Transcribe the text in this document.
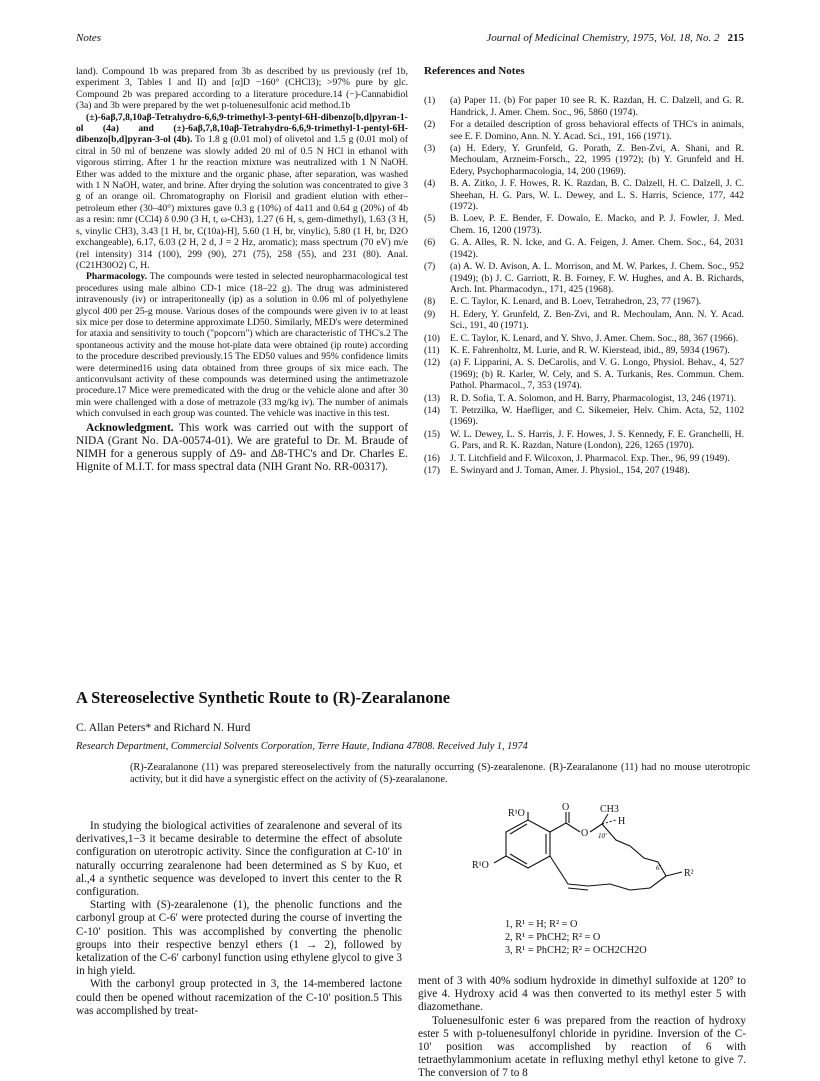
Notes	Journal of Medicinal Chemistry, 1975, Vol. 18, No. 2 215

land). Compound 1b was prepared from 3b as described by us previously (ref 1b, experiment 3, Tables I and II) and [α]D −160° (CHCl3); >97% pure by glc. Compound 2b was prepared according to a literature procedure.14 (−)-Cannabidiol (3a) and 3b were prepared by the wet p-toluenesulfonic acid method.1b

(±)-6aβ,7,8,10aβ-Tetrahydro-6,6,9-trimethyl-3-pentyl-6H-dibenzo[b,d]pyran-1-ol (4a) and (±)-6aβ,7,8,10aβ-Tetrahydro-6,6,9-trimethyl-1-pentyl-6H-dibenzo[b,d]pyran-3-ol (4b). To 1.8 g (0.01 mol) of olivetol and 1.5 g (0.01 mol) of citral in 50 ml of benzene was slowly added 20 ml of 0.5 N HCl in ethanol with vigorous stirring. After 1 hr the reaction mixture was neutralized with 1 N NaOH. Ether was added to the mixture and the organic phase, after separation, was washed with 1 N NaOH, water, and brine. After drying the solution was concentrated to give 3 g of an orange oil. Chromatography on Florisil and gradient elution with ether–petroleum ether (30–40°) mixtures gave 0.3 g (10%) of 4a11 and 0.64 g (20%) of 4b as a resin: nmr (CCl4) δ 0.90 (3 H, t, ω-CH3), 1.27 (6 H, s, gem-dimethyl), 1.63 (3 H, s, vinylic CH3), 3.43 [1 H, br, C(10a)-H], 5.60 (1 H, br, vinylic), 5.80 (1 H, br, D2O exchangeable), 6.17, 6.03 (2 H, 2 d, J = 2 Hz, aromatic); mass spectrum (70 eV) m/e (rel intensity) 314 (100), 299 (90), 271 (75), 258 (55), and 231 (80). Anal. (C21H30O2) C, H.

Pharmacology. The compounds were tested in selected neuropharmacological test procedures using male albino CD-1 mice (18–22 g). The drug was administered intravenously (iv) or intraperitoneally (ip) as a solution in 0.06 ml of polyethylene glycol 400 per 25-g mouse. Various doses of the compounds were given iv to at least six mice per dose to determine approximate LD50. Similarly, MED's were determined for ataxia and sensitivity to touch ("popcorn") which are characteristic of THC's.2 The spontaneous activity and the mouse hot-plate data were obtained (ip route) according to the procedure described previously.15 The ED50 values and 95% confidence limits were determined16 using data obtained from three groups of six mice each. The anticonvulsant activity of these compounds was determined using the antimetrazole procedure.17 Mice were premedicated with the drug or the vehicle alone and after 30 min were challenged with a dose of metrazole (33 mg/kg iv). The number of animals which convulsed in each group was counted. The vehicle was inactive in this test.

Acknowledgment. This work was carried out with the support of NIDA (Grant No. DA-00574-01). We are grateful to Dr. M. Braude of NIMH for a generous supply of Δ9- and Δ8-THC's and Dr. Charles E. Hignite of M.I.T. for mass spectral data (NIH Grant No. RR-00317).

References and Notes
(1)	(a) Paper 11. (b) For paper 10 see R. K. Razdan, H. C. Dalzell, and G. R. Handrick, J. Amer. Chem. Soc., 96, 5860 (1974).
(2)	For a detailed description of gross behavioral effects of THC's in animals, see E. F. Domino, Ann. N. Y. Acad. Sci., 191, 166 (1971).
(3)	(a) H. Edery, Y. Grunfeld, G. Porath, Z. Ben-Zvi, A. Shani, and R. Mechoulam, Arzneim-Forsch., 22, 1995 (1972); (b) Y. Grunfeld and H. Edery, Psychopharmacologia, 14, 200 (1969).
(4)	B. A. Zitko, J. F. Howes, R. K. Razdan, B. C. Dalzell, H. C. Dalzell, J. C. Sheehan, H. G. Pars, W. L. Dewey, and L. S. Harris, Science, 177, 442 (1972).
(5)	B. Loev, P. E. Bender, F. Dowalo, E. Macko, and P. J. Fowler, J. Med. Chem. 16, 1200 (1973).
(6)	G. A. Alles, R. N. Icke, and G. A. Feigen, J. Amer. Chem. Soc., 64, 2031 (1942).
(7)	(a) A. W. D. Avison, A. L. Morrison, and M. W. Parkes, J. Chem. Soc., 952 (1949); (b) J. C. Garriott, R. B. Forney, F. W. Hughes, and A. B. Richards, Arch. Int. Pharmacodyn., 171, 425 (1968).
(8)	E. C. Taylor, K. Lenard, and B. Loev, Tetrahedron, 23, 77 (1967).
(9)	H. Edery, Y. Grunfeld, Z. Ben-Zvi, and R. Mechoulam, Ann. N. Y. Acad. Sci., 191, 40 (1971).
(10)	E. C. Taylor, K. Lenard, and Y. Shvo, J. Amer. Chem. Soc., 88, 367 (1966).
(11)	K. E. Fahrenholtz, M. Lurie, and R. W. Kierstead, ibid., 89, 5934 (1967).
(12)	(a) F. Lipparini, A. S. DeCarolis, and V. G. Longo, Physiol. Behav., 4, 527 (1969); (b) R. Karler, W. Cely, and S. A. Turkanis, Res. Commun. Chem. Pathol. Pharmacol., 7, 353 (1974).
(13)	R. D. Sofia, T. A. Solomon, and H. Barry, Pharmacologist, 13, 246 (1971).
(14)	T. Petrzilka, W. Haefliger, and C. Sikemeier, Helv. Chim. Acta, 52, 1102 (1969).
(15)	W. L. Dewey, L. S. Harris, J. F. Howes, J. S. Kennedy, F. E. Granchelli, H. G. Pars, and R. K. Razdan, Nature (London), 226, 1265 (1970).
(16)	J. T. Litchfield and F. Wilcoxon, J. Pharmacol. Exp. Ther., 96, 99 (1949).
(17)	E. Swinyard and J. Toman, Amer. J. Physiol., 154, 207 (1948).
A Stereoselective Synthetic Route to (R)-Zearalanone
C. Allan Peters* and Richard N. Hurd
Research Department, Commercial Solvents Corporation, Terre Haute, Indiana 47808. Received July 1, 1974
(R)-Zearalanone (11) was prepared stereoselectively from the naturally occurring (S)-zearalenone. (R)-Zearalanone (11) had no mouse uterotropic activity, but it did have a synergistic effect on the activity of (S)-zearalanone.

In studying the biological activities of zearalenone and several of its derivatives,1−3 it became desirable to determine the effect of absolute configuration on uterotropic activity. Since the configuration at C-10′ in naturally occurring zearalenone had been determined as S by Kuo, et al.,4 a synthetic sequence was developed to invert this center to the R configuration.

Starting with (S)-zearalenone (1), the phenolic functions and the carbonyl group at C-6′ were protected during the course of inverting the C-10′ position. This was accomplished by converting the phenolic groups into their respective benzyl ethers (1 → 2), followed by ketalization of the C-6′ carbonyl function using ethylene glycol to give 3 in high yield.

With the carbonyl group protected in 3, the 14-membered lactone could then be opened without racemization of the C-10′ position.5 This was accomplished by treat-

R¹O
O	CH3
H
O 10′
6′
R¹O
R²
1, R¹ = H; R² = O
2, R¹ = PhCH2; R² = O
3, R¹ = PhCH2; R² = OCH2CH2O

ment of 3 with 40% sodium hydroxide in dimethyl sulfoxide at 120° to give 4. Hydroxy acid 4 was then converted to its methyl ester 5 with diazomethane.

Toluenesulfonic ester 6 was prepared from the reaction of hydroxy ester 5 with p-toluenesulfonyl chloride in pyridine. Inversion of the C-10′ position was accomplished by reaction of 6 with tetraethylammonium acetate in refluxing methyl ethyl ketone to give 7. The conversion of 7 to 8
